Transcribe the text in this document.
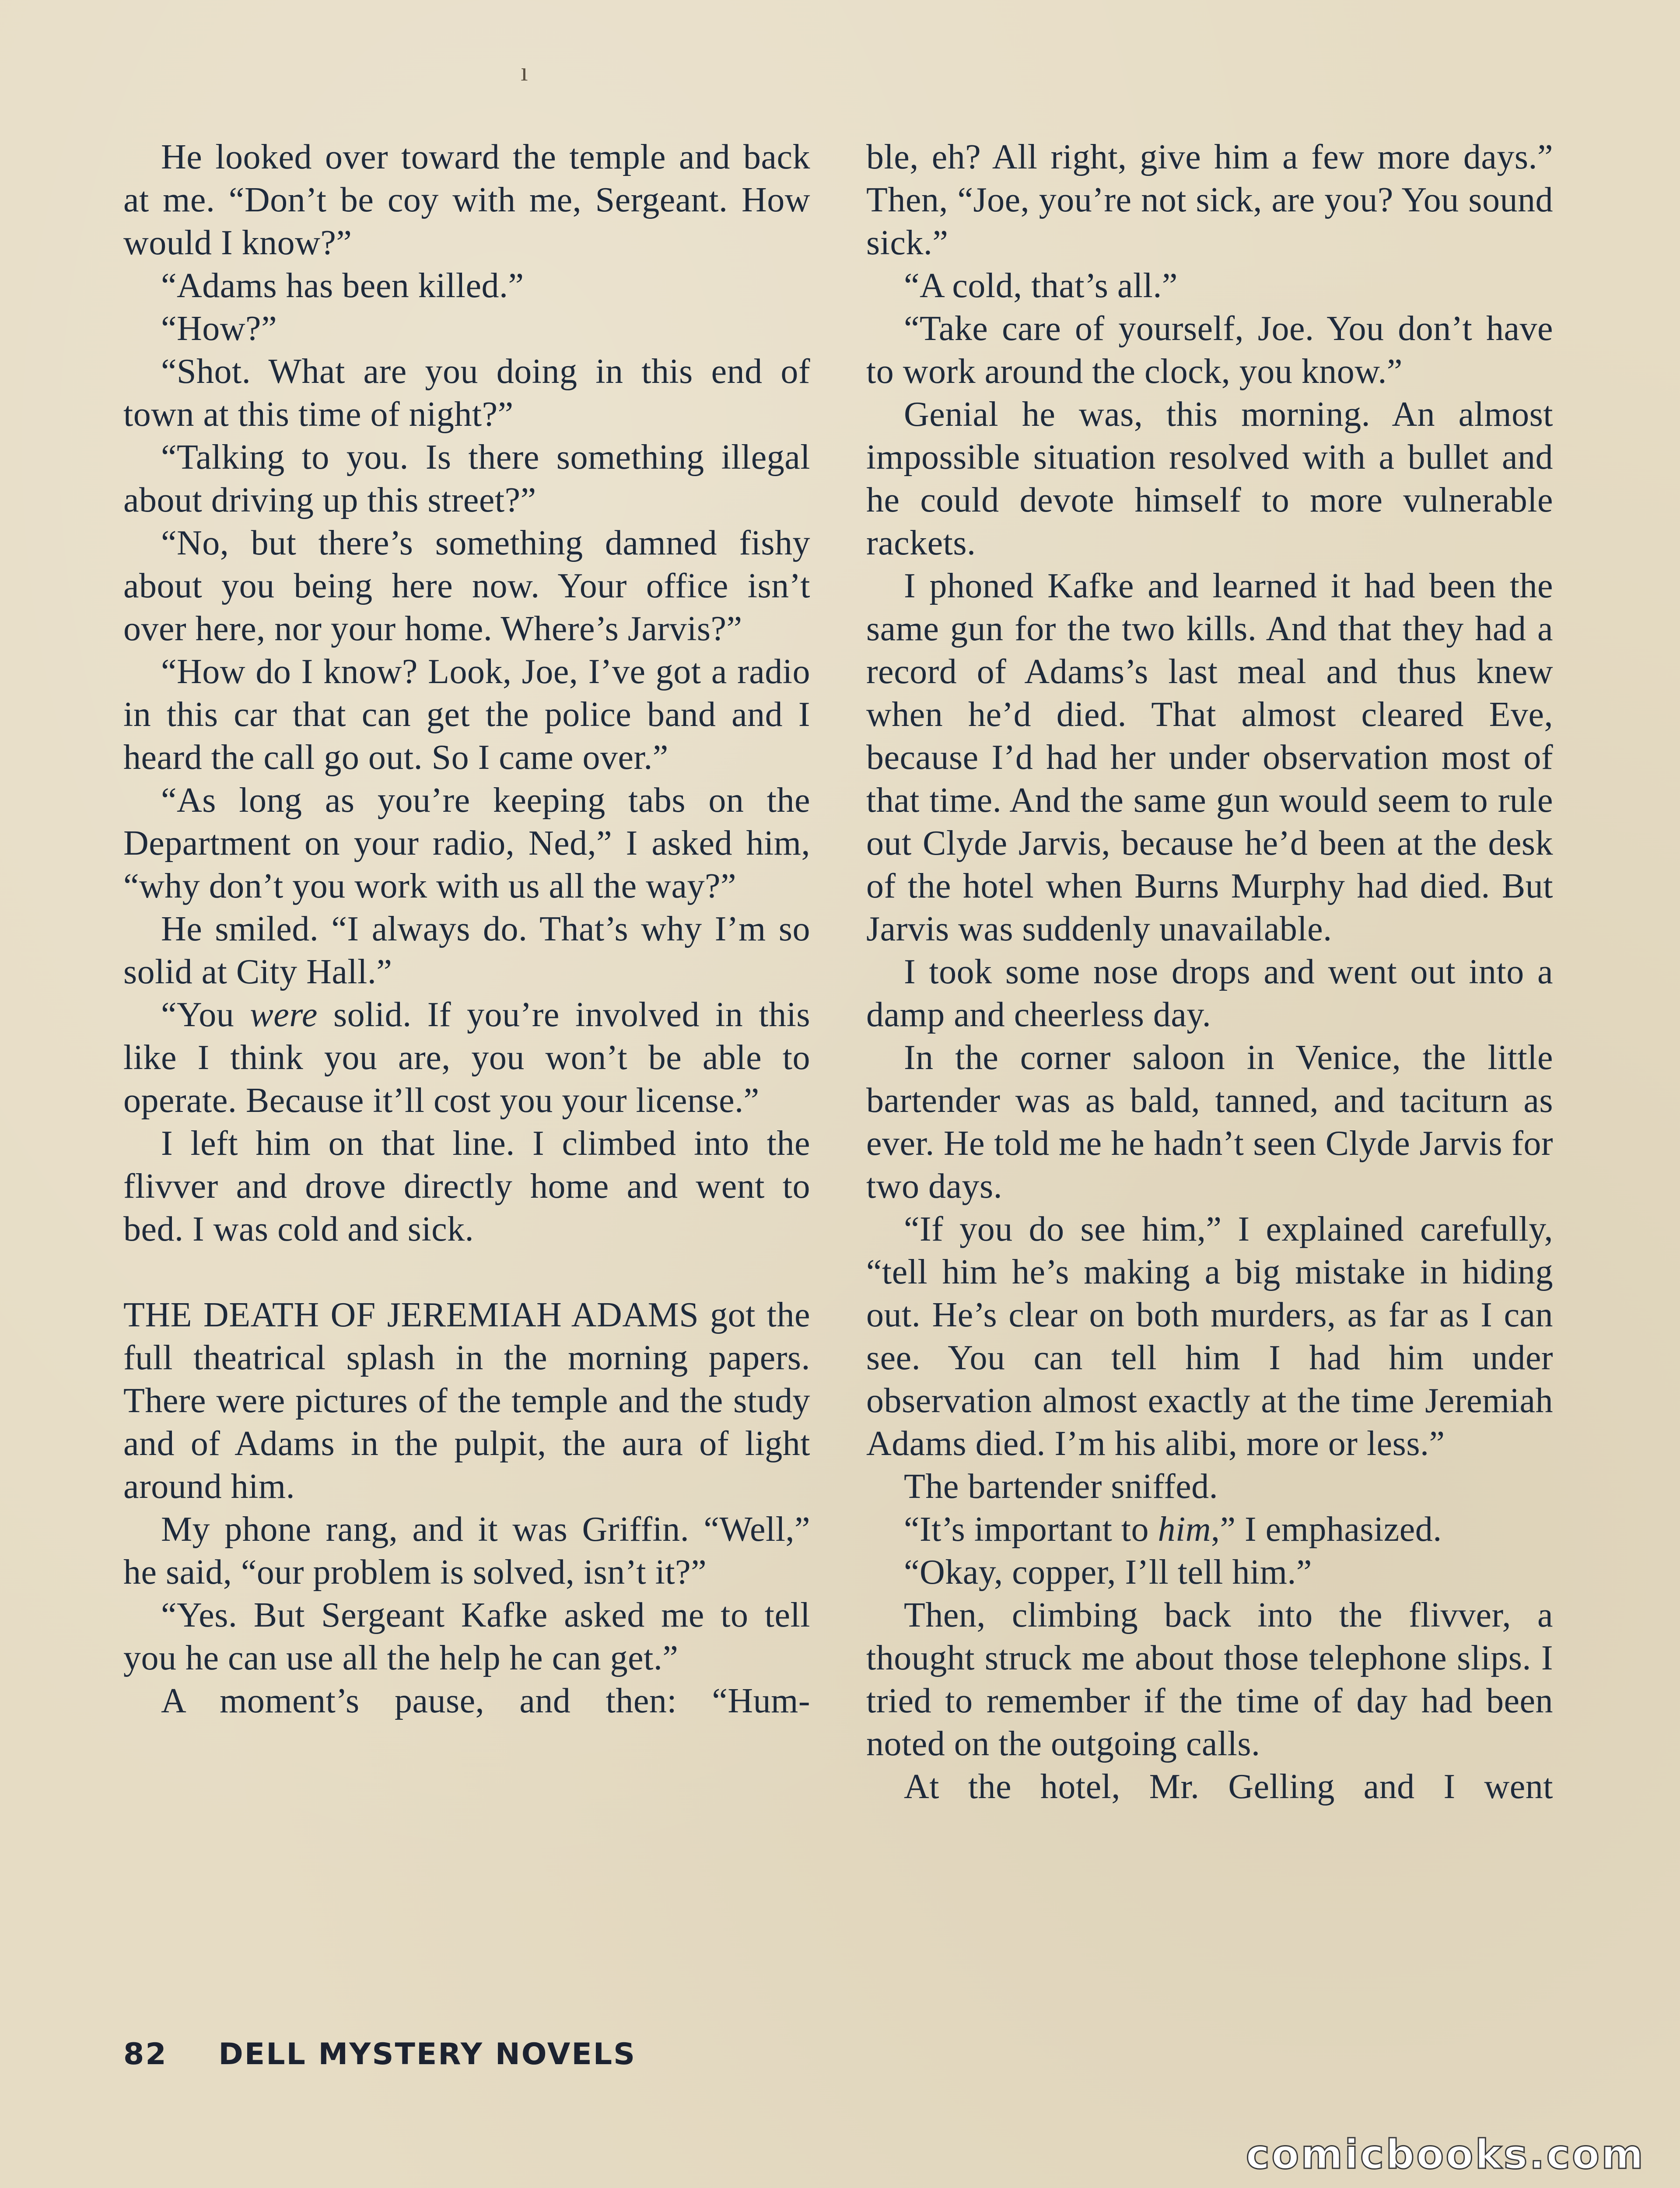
ı

He looked over toward the temple and back at me. “Don’t be coy with me, Sergeant. How would I know?”

“Adams has been killed.”

“How?”

“Shot. What are you doing in this end of town at this time of night?”

“Talking to you. Is there something illegal about driving up this street?”

“No, but there’s something damned fishy about you being here now. Your office isn’t over here, nor your home. Where’s Jarvis?”

“How do I know? Look, Joe, I’ve got a radio in this car that can get the police band and I heard the call go out. So I came over.”

“As long as you’re keeping tabs on the Department on your radio, Ned,” I asked him, “why don’t you work with us all the way?”

He smiled. “I always do. That’s why I’m so solid at City Hall.”

“You were solid. If you’re involved in this like I think you are, you won’t be able to operate. Because it’ll cost you your license.”

I left him on that line. I climbed into the flivver and drove directly home and went to bed. I was cold and sick.

THE DEATH OF JEREMIAH ADAMS got the full theatrical splash in the morning papers. There were pictures of the temple and the study and of Adams in the pulpit, the aura of light around him.

My phone rang, and it was Griffin. “Well,” he said, “our problem is solved, isn’t it?”

“Yes. But Sergeant Kafke asked me to tell you he can use all the help he can get.”

A moment’s pause, and then: “Hum-

ble, eh? All right, give him a few more days.” Then, “Joe, you’re not sick, are you? You sound sick.”

“A cold, that’s all.”

“Take care of yourself, Joe. You don’t have to work around the clock, you know.”

Genial he was, this morning. An almost impossible situation resolved with a bullet and he could devote himself to more vulnerable rackets.

I phoned Kafke and learned it had been the same gun for the two kills. And that they had a record of Adams’s last meal and thus knew when he’d died. That almost cleared Eve, because I’d had her under observation most of that time. And the same gun would seem to rule out Clyde Jarvis, because he’d been at the desk of the hotel when Burns Murphy had died. But Jarvis was suddenly unavailable.

I took some nose drops and went out into a damp and cheerless day.

In the corner saloon in Venice, the little bartender was as bald, tanned, and taciturn as ever. He told me he hadn’t seen Clyde Jarvis for two days.

“If you do see him,” I explained carefully, “tell him he’s making a big mistake in hiding out. He’s clear on both murders, as far as I can see. You can tell him I had him under observation almost exactly at the time Jeremiah Adams died. I’m his alibi, more or less.”

The bartender sniffed.

“It’s important to him,” I emphasized.

“Okay, copper, I’ll tell him.”

Then, climbing back into the flivver, a thought struck me about those telephone slips. I tried to remember if the time of day had been noted on the outgoing calls.

At the hotel, Mr. Gelling and I went

82 DELL MYSTERY NOVELS
comicbooks.com
